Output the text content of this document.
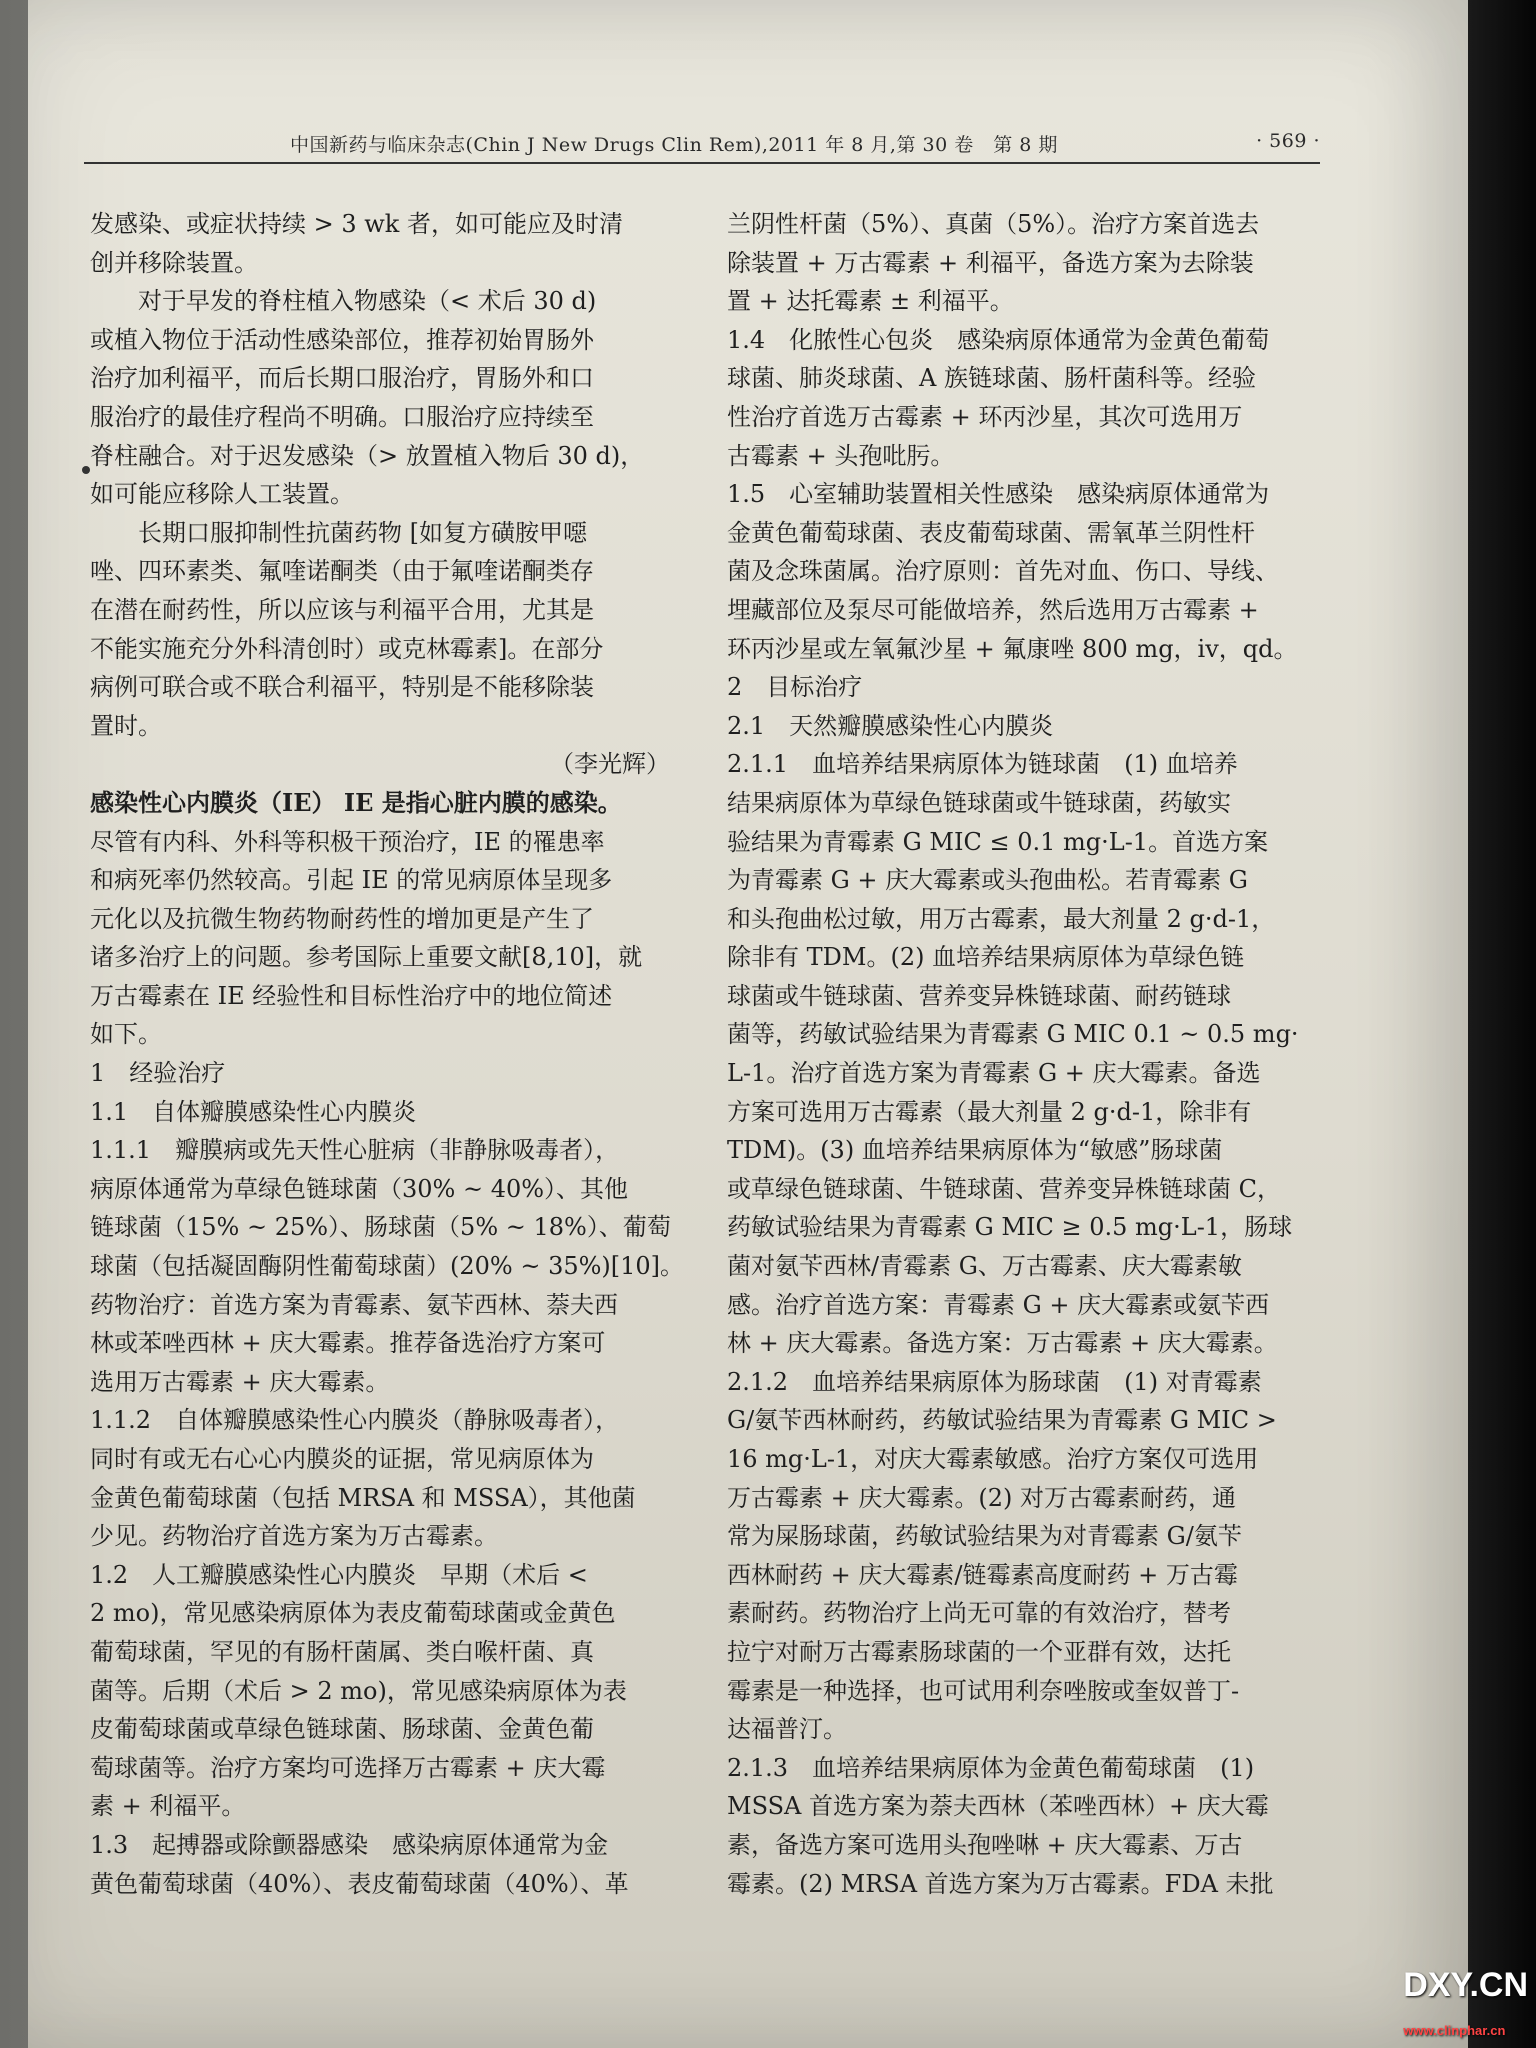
中国新药与临床杂志(Chin J New Drugs Clin Rem),2011 年 8 月,第 30 卷　第 8 期	· 569 ·
发感染、或症状持续 > 3 wk 者，如可能应及时清
创并移除装置。
对于早发的脊柱植入物感染（< 术后 30 d)
或植入物位于活动性感染部位，推荐初始胃肠外
治疗加利福平，而后长期口服治疗，胃肠外和口
服治疗的最佳疗程尚不明确。口服治疗应持续至
脊柱融合。对于迟发感染（> 放置植入物后 30 d)，
如可能应移除人工装置。
长期口服抑制性抗菌药物 [如复方磺胺甲噁
唑、四环素类、氟喹诺酮类（由于氟喹诺酮类存
在潜在耐药性，所以应该与利福平合用，尤其是
不能实施充分外科清创时）或克林霉素]。在部分
病例可联合或不联合利福平，特别是不能移除装
置时。
（李光辉）
感染性心内膜炎（IE） IE 是指心脏内膜的感染。
尽管有内科、外科等积极干预治疗，IE 的罹患率
和病死率仍然较高。引起 IE 的常见病原体呈现多
元化以及抗微生物药物耐药性的增加更是产生了
诸多治疗上的问题。参考国际上重要文献[8,10]，就
万古霉素在 IE 经验性和目标性治疗中的地位简述
如下。
1　经验治疗
1.1　自体瓣膜感染性心内膜炎
1.1.1　瓣膜病或先天性心脏病（非静脉吸毒者），
病原体通常为草绿色链球菌（30% ~ 40%）、其他
链球菌（15% ~ 25%）、肠球菌（5% ~ 18%）、葡萄
球菌（包括凝固酶阴性葡萄球菌）(20% ~ 35%)[10]。
药物治疗：首选方案为青霉素、氨苄西林、萘夫西
林或苯唑西林 + 庆大霉素。推荐备选治疗方案可
选用万古霉素 + 庆大霉素。
1.1.2　自体瓣膜感染性心内膜炎（静脉吸毒者），
同时有或无右心心内膜炎的证据，常见病原体为
金黄色葡萄球菌（包括 MRSA 和 MSSA），其他菌
少见。药物治疗首选方案为万古霉素。
1.2　人工瓣膜感染性心内膜炎　早期（术后 <
2 mo)，常见感染病原体为表皮葡萄球菌或金黄色
葡萄球菌，罕见的有肠杆菌属、类白喉杆菌、真
菌等。后期（术后 > 2 mo)，常见感染病原体为表
皮葡萄球菌或草绿色链球菌、肠球菌、金黄色葡
萄球菌等。治疗方案均可选择万古霉素 + 庆大霉
素 + 利福平。
1.3　起搏器或除颤器感染　感染病原体通常为金
黄色葡萄球菌（40%）、表皮葡萄球菌（40%）、革
兰阴性杆菌（5%）、真菌（5%）。治疗方案首选去
除装置 + 万古霉素 + 利福平，备选方案为去除装
置 + 达托霉素 ± 利福平。
1.4　化脓性心包炎　感染病原体通常为金黄色葡萄
球菌、肺炎球菌、A 族链球菌、肠杆菌科等。经验
性治疗首选万古霉素 + 环丙沙星，其次可选用万
古霉素 + 头孢吡肟。
1.5　心室辅助装置相关性感染　感染病原体通常为
金黄色葡萄球菌、表皮葡萄球菌、需氧革兰阴性杆
菌及念珠菌属。治疗原则：首先对血、伤口、导线、
埋藏部位及泵尽可能做培养，然后选用万古霉素 +
环丙沙星或左氧氟沙星 + 氟康唑 800 mg，iv，qd。
2　目标治疗
2.1　天然瓣膜感染性心内膜炎
2.1.1　血培养结果病原体为链球菌　(1) 血培养
结果病原体为草绿色链球菌或牛链球菌，药敏实
验结果为青霉素 G MIC ≤ 0.1 mg·L-1。首选方案
为青霉素 G + 庆大霉素或头孢曲松。若青霉素 G
和头孢曲松过敏，用万古霉素，最大剂量 2 g·d-1，
除非有 TDM。(2) 血培养结果病原体为草绿色链
球菌或牛链球菌、营养变异株链球菌、耐药链球
菌等，药敏试验结果为青霉素 G MIC 0.1 ~ 0.5 mg·
L-1。治疗首选方案为青霉素 G + 庆大霉素。备选
方案可选用万古霉素（最大剂量 2 g·d-1，除非有
TDM)。(3) 血培养结果病原体为“敏感”肠球菌
或草绿色链球菌、牛链球菌、营养变异株链球菌 C，
药敏试验结果为青霉素 G MIC ≥ 0.5 mg·L-1，肠球
菌对氨苄西林/青霉素 G、万古霉素、庆大霉素敏
感。治疗首选方案：青霉素 G + 庆大霉素或氨苄西
林 + 庆大霉素。备选方案：万古霉素 + 庆大霉素。
2.1.2　血培养结果病原体为肠球菌　(1) 对青霉素
G/氨苄西林耐药，药敏试验结果为青霉素 G MIC >
16 mg·L-1，对庆大霉素敏感。治疗方案仅可选用
万古霉素 + 庆大霉素。(2) 对万古霉素耐药，通
常为屎肠球菌，药敏试验结果为对青霉素 G/氨苄
西林耐药 + 庆大霉素/链霉素高度耐药 + 万古霉
素耐药。药物治疗上尚无可靠的有效治疗，替考
拉宁对耐万古霉素肠球菌的一个亚群有效，达托
霉素是一种选择，也可试用利奈唑胺或奎奴普丁-
达福普汀。
2.1.3　血培养结果病原体为金黄色葡萄球菌　(1)
MSSA 首选方案为萘夫西林（苯唑西林）+ 庆大霉
素，备选方案可选用头孢唑啉 + 庆大霉素、万古
霉素。(2) MRSA 首选方案为万古霉素。FDA 未批
DXY.CN
www.clinphar.cn
